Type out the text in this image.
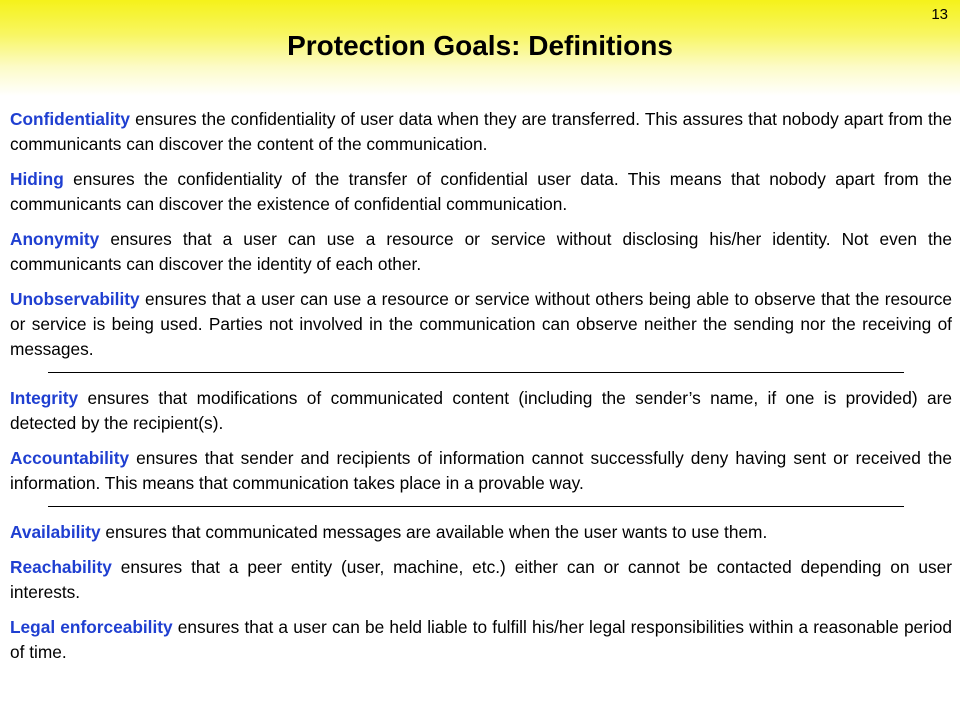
13
Protection Goals: Definitions

Confidentiality ensures the confidentiality of user data when they are transferred. This assures that nobody apart from the communicants can discover the content of the communication.

Hiding ensures the confidentiality of the transfer of confidential user data. This means that nobody apart from the communicants can discover the existence of confidential communication.

Anonymity ensures that a user can use a resource or service without disclosing his/her identity. Not even the communicants can discover the identity of each other.

Unobservability ensures that a user can use a resource or service without others being able to observe that the resource or service is being used. Parties not involved in the communication can observe neither the sending nor the receiving of messages.

Integrity ensures that modifications of communicated content (including the sender’s name, if one is provided) are detected by the recipient(s).

Accountability ensures that sender and recipients of information cannot successfully deny having sent or received the information. This means that communication takes place in a provable way.

Availability ensures that communicated messages are available when the user wants to use them.

Reachability ensures that a peer entity (user, machine, etc.) either can or cannot be contacted depending on user interests.

Legal enforceability ensures that a user can be held liable to fulfill his/her legal responsibilities within a reasonable period of time.
